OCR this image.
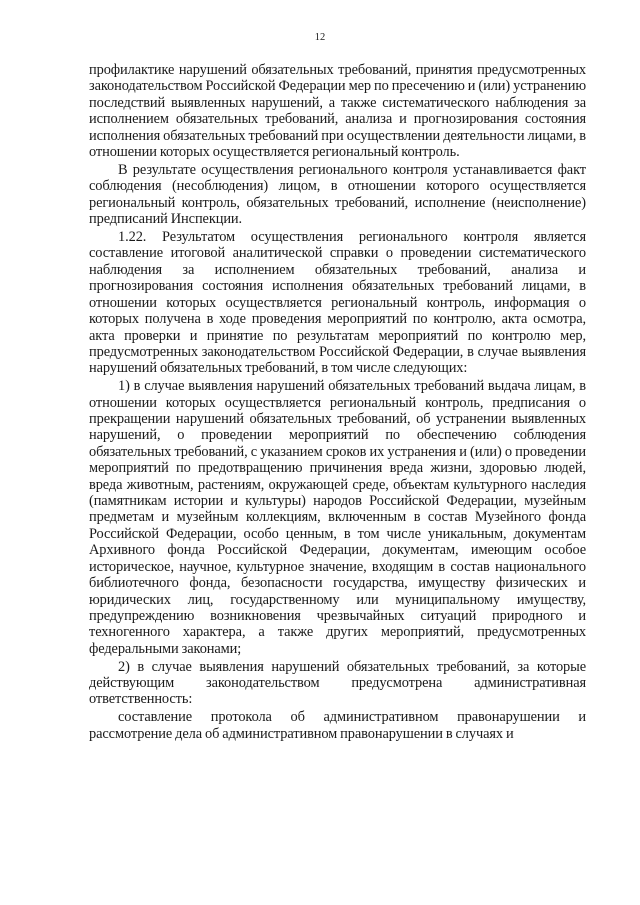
12

профилактике нарушений обязательных требований, принятия предусмотренных законодательством Российской Федерации мер по пресечению и (или) устранению последствий выявленных нарушений, а также систематического наблюдения за исполнением обязательных требований, анализа и прогнозирования состояния исполнения обязательных требований при осуществлении деятельности лицами, в отношении которых осуществляется региональный контроль.

В результате осуществления регионального контроля устанавливается факт соблюдения (несоблюдения) лицом, в отношении которого осуществляется региональный контроль, обязательных требований, исполнение (неисполнение) предписаний Инспекции.

1.22. Результатом осуществления регионального контроля является составление итоговой аналитической справки о проведении систематического наблюдения за исполнением обязательных требований, анализа и прогнозирования состояния исполнения обязательных требований лицами, в отношении которых осуществляется региональный контроль, информация о которых получена в ходе проведения мероприятий по контролю, акта осмотра, акта проверки и принятие по результатам мероприятий по контролю мер, предусмотренных законодательством Российской Федерации, в случае выявления нарушений обязательных требований, в том числе следующих:

1) в случае выявления нарушений обязательных требований выдача лицам, в отношении которых осуществляется региональный контроль, предписания о прекращении нарушений обязательных требований, об устранении выявленных нарушений, о проведении мероприятий по обеспечению соблюдения обязательных требований, с указанием сроков их устранения и (или) о проведении мероприятий по предотвращению причинения вреда жизни, здоровью людей, вреда животным, растениям, окружающей среде, объектам культурного наследия (памятникам истории и культуры) народов Российской Федерации, музейным предметам и музейным коллекциям, включенным в состав Музейного фонда Российской Федерации, особо ценным, в том числе уникальным, документам Архивного фонда Российской Федерации, документам, имеющим особое историческое, научное, культурное значение, входящим в состав национального библиотечного фонда, безопасности государства, имуществу физических и юридических лиц, государственному или муниципальному имуществу, предупреждению возникновения чрезвычайных ситуаций природного и техногенного характера, а также других мероприятий, предусмотренных федеральными законами;

2) в случае выявления нарушений обязательных требований, за которые действующим законодательством предусмотрена административная ответственность:

составление протокола об административном правонарушении и рассмотрение дела об административном правонарушении в случаях и
